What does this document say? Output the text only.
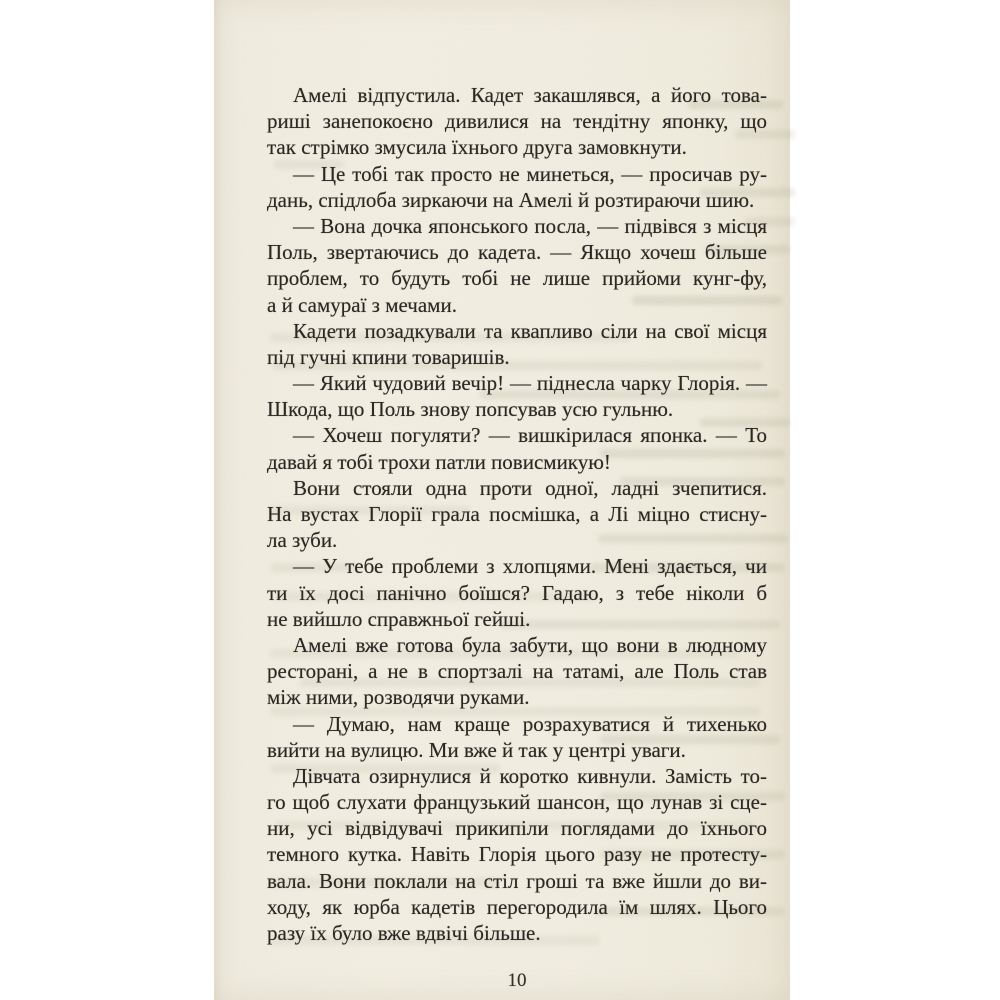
Амелі відпустила. Кадет закашлявся, а його това-
риші занепокоєно дивилися на тендітну японку, що
так стрімко змусила їхнього друга замовкнути.
— Це тобі так просто не минеться, — просичав ру-
дань, спідлоба зиркаючи на Амелі й розтираючи шию.
— Вона дочка японського посла, — підвівся з місця
Поль, звертаючись до кадета. — Якщо хочеш більше
проблем, то будуть тобі не лише прийоми кунг-фу,
а й самураї з мечами.
Кадети позадкували та квапливо сіли на свої місця
під гучні кпини товаришів.
— Який чудовий вечір! — піднесла чарку Глорія. —
Шкода, що Поль знову попсував усю гульню.
— Хочеш погуляти? — вишкірилася японка. — То
давай я тобі трохи патли повисмикую!
Вони стояли одна проти одної, ладні зчепитися.
На вустах Глорії грала посмішка, а Лі міцно стисну-
ла зуби.
— У тебе проблеми з хлопцями. Мені здається, чи
ти їх досі панічно боїшся? Гадаю, з тебе ніколи б
не вийшло справжньої гейші.
Амелі вже готова була забути, що вони в людному
ресторані, а не в спортзалі на татамі, але Поль став
між ними, розводячи руками.
— Думаю, нам краще розрахуватися й тихенько
вийти на вулицю. Ми вже й так у центрі уваги.
Дівчата озирнулися й коротко кивнули. Замість то-
го щоб слухати французький шансон, що лунав зі сце-
ни, усі відвідувачі прикипіли поглядами до їхнього
темного кутка. Навіть Глорія цього разу не протесту-
вала. Вони поклали на стіл гроші та вже йшли до ви-
ходу, як юрба кадетів перегородила їм шлях. Цього
разу їх було вже вдвічі більше.
10
